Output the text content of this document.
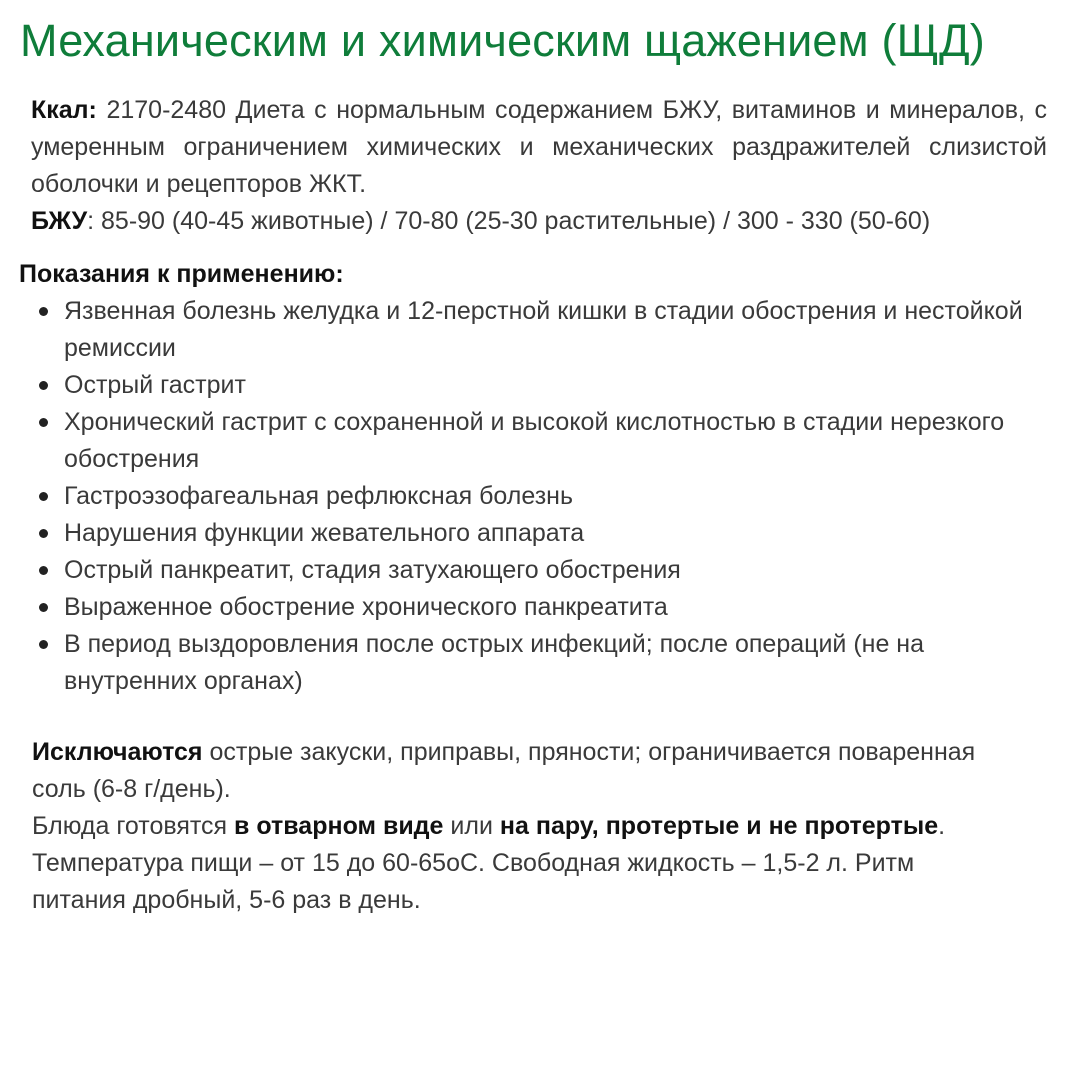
Механическим и химическим щажением (ЩД)
Ккал: 2170-2480 Диета с нормальным содержанием БЖУ, витаминов и минералов, с умеренным ограничением химических и механических раздражителей слизистой оболочки и рецепторов ЖКТ.
БЖУ: 85-90 (40-45 животные) / 70-80 (25-30 растительные) / 300 - 330 (50-60)
Показания к применению:
Язвенная болезнь желудка и 12-перстной кишки в стадии обострения и нестойкой ремиссии
Острый гастрит
Хронический гастрит с сохраненной и высокой кислотностью в стадии нерезкого обострения
Гастроэзофагеальная рефлюксная болезнь
Нарушения функции жевательного аппарата
Острый панкреатит, стадия затухающего обострения
Выраженное обострение хронического панкреатита
В период выздоровления после острых инфекций; после операций (не на внутренних органах)

Исключаются острые закуски, приправы, пряности; ограничивается поваренная соль (6-8 г/день).

Блюда готовятся в отварном виде или на пару, протертые и не протертые.

Температура пищи – от 15 до 60-65оС. Свободная жидкость – 1,5-2 л. Ритм питания дробный, 5-6 раз в день.
